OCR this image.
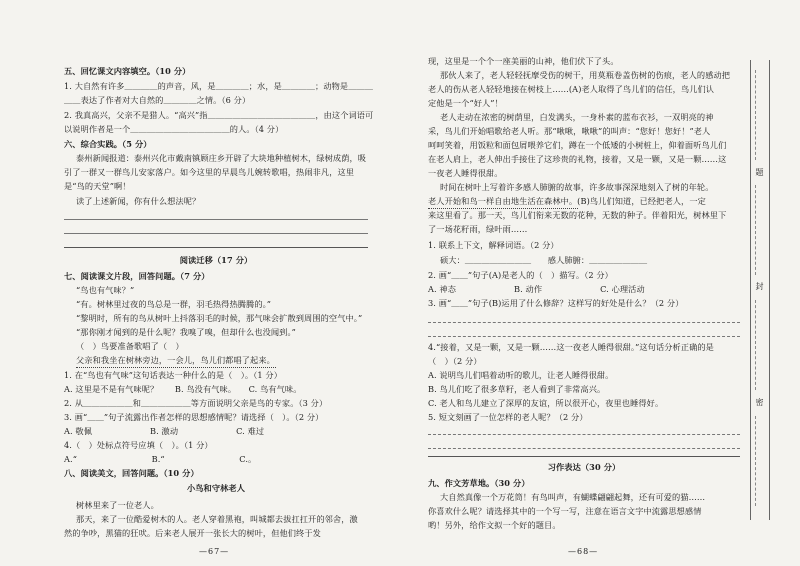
五、回忆课文内容填空。（10 分）
1. 大自然有许多＿＿＿＿的声音，风，是＿＿＿＿；水，是＿＿＿＿；动物是＿＿＿
＿＿表达了作者对大自然的＿＿＿＿之情。（6 分）
2. 我真高兴，父亲不是猎人。“高兴”指＿＿＿＿＿＿＿＿＿＿＿＿＿，由这个词语可
以说明作者是一个＿＿＿＿＿＿＿＿＿＿＿＿的人。（4 分）
六、综合实践。（5 分）
泰州新闻报道：泰州兴化市戴南镇顾庄乡开辟了大块地种植树木，绿树成荫，吸
引了一群又一群鸟儿安家落户。如今这里的早晨鸟儿婉转歌唱，热闹非凡，这里
是“鸟的天堂”啊！
读了上述新闻，你有什么想法呢？
阅读迁移（17 分）
七、阅读课文片段，回答问题。（7 分）
“鸟也有气味？”
“有。树林里过夜的鸟总是一群，羽毛热得热腾腾的。”
“黎明时，所有的鸟从树叶上抖落羽毛的时候，那气味会扩散到周围的空气中。”
“那你刚才闻到的是什么呢？我嗅了嗅，但却什么也没闻到。”
（　）鸟要准备歌唱了（　）
父亲和我坐在树林旁边，一会儿，鸟儿们都唱了起来。
1. 在“鸟也有气味”这句话表达一种什么的是（　）。（1 分）
A. 这里是不是有气味呢？　　B. 鸟没有气味。　　C. 鸟有气味。
2. 从＿＿＿＿＿＿和＿＿＿＿＿＿等方面说明父亲是鸟的专家。（3 分）
3. 画“＿＿”句子流露出作者怎样的思想感情呢？请选择（　）。（2 分）
A. 敬佩　　　　　　　B. 激动　　　　　　　C. 难过
4.（　）处标点符号应填（　）。（1 分）
A.“　　　　　　　　　B.“　　　　　　　　　C.。
八、阅读美文，回答问题。（10 分）
小鸟和守林老人
树林里来了一位老人。
那天，来了一位酷爱树木的人。老人穿着黑袍，叫城都去拔扛扛开的邻舍，激
然的争吵，黑猫的狂吠。后来老人展开一张长大的树叶，但他们终于发
—67—
现，这里是一个个一座美丽的山神，他们伏下了头。
那伙人来了，老人轻轻抚摩受伤的树干，用莫瓶卷盖伤树的伤痕，老人的感动把
老人的伤从老人轻轻地接在树枝上……(A)老人取得了鸟儿们的信任，鸟儿们认
定他是一个“好人”！
老人走动在浓密的树荫里，白发满头，一身朴素的蓝布衣衫，一双明亮的神
采，鸟儿们开始唱歌给老人听。那“啾啾，啾啾”的叫声：“您好！您好！”老人
呵呵笑着，用饭粒和面包屑喂养它们，蹲在一个低矮的小树桩上，仰着面听鸟儿们
在老人肩上，老人伸出手接住了这珍贵的礼物，接着，又是一颗，又是一颗……这
一夜老人睡得很甜。
时间在树叶上写着许多感人肺腑的故事，许多故事深深地刻入了树的年轮。
老人开始和鸟一样自由地生活在森林中。(B)鸟儿们知道，已经把老人，一定
来这里看了。那一天，鸟儿们衔来无数的花种，无数的种子。伴着阳光，树林里下
了一场花籽雨，绿叶雨……
1. 联系上下文，解释词语。（2 分）
硕大：＿＿＿＿＿＿＿＿　　感人肺腑：＿＿＿＿＿＿＿
2. 画“＿＿”句子(A)是老人的（　）描写。（2 分）
A. 神态　　　　　　　B. 动作　　　　　　　C. 心理活动
3. 画“＿＿”句子(B)运用了什么修辞？这样写的好处是什么？（2 分）
4.“接着，又是一颗，又是一颗……这一夜老人睡得很甜。”这句话分析正确的是
（　）（2 分）
A. 说明鸟儿们唱着动听的歌儿，让老人睡得很甜。
B. 鸟儿们吃了很多草籽，老人看到了非常高兴。
C. 老人和鸟儿建立了深厚的友谊，所以很开心，夜里也睡得好。
5. 短文刻画了一位怎样的老人呢？（2 分）
习作表达（30 分）
九、作文芳草地。（30 分）
大自然真像一个万花筒！有鸟叫声，有蝴蝶翩翩起舞，还有可爱的猫……
你喜欢什么呢？请选择其中的一个写一写，注意在语言文字中流露思想感情
哟！另外，给作文拟一个好的题目。
—68—
题
封
密
